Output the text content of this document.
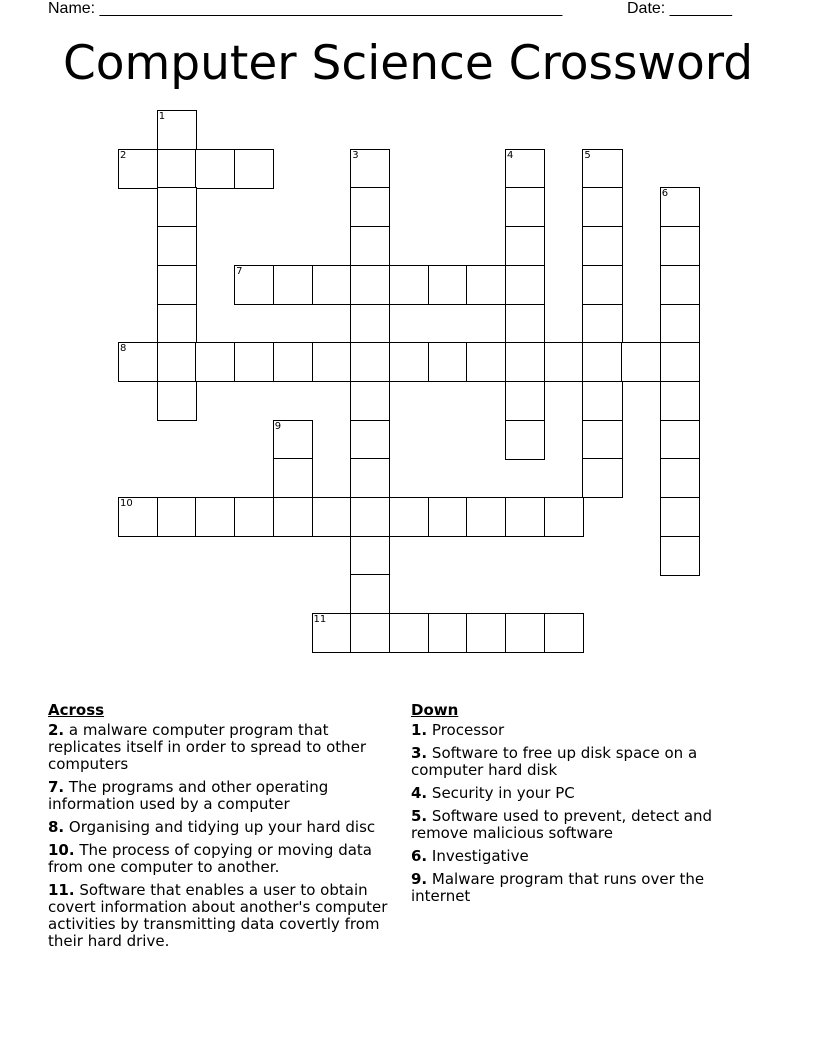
Name: ____________________________________________________	Date: _______
Computer Science Crossword
1
2	3	4	5
6
7
8
9
10
11
Across
2. a malware computer program that replicates itself in order to spread to other computers
7. The programs and other operating information used by a computer
8. Organising and tidying up your hard disc
10. The process of copying or moving data from one computer to another.
11. Software that enables a user to obtain covert information about another's computer activities by transmitting data covertly from their hard drive.
Down
1. Processor
3. Software to free up disk space on a computer hard disk
4. Security in your PC
5. Software used to prevent, detect and remove malicious software
6. Investigative
9. Malware program that runs over the internet
